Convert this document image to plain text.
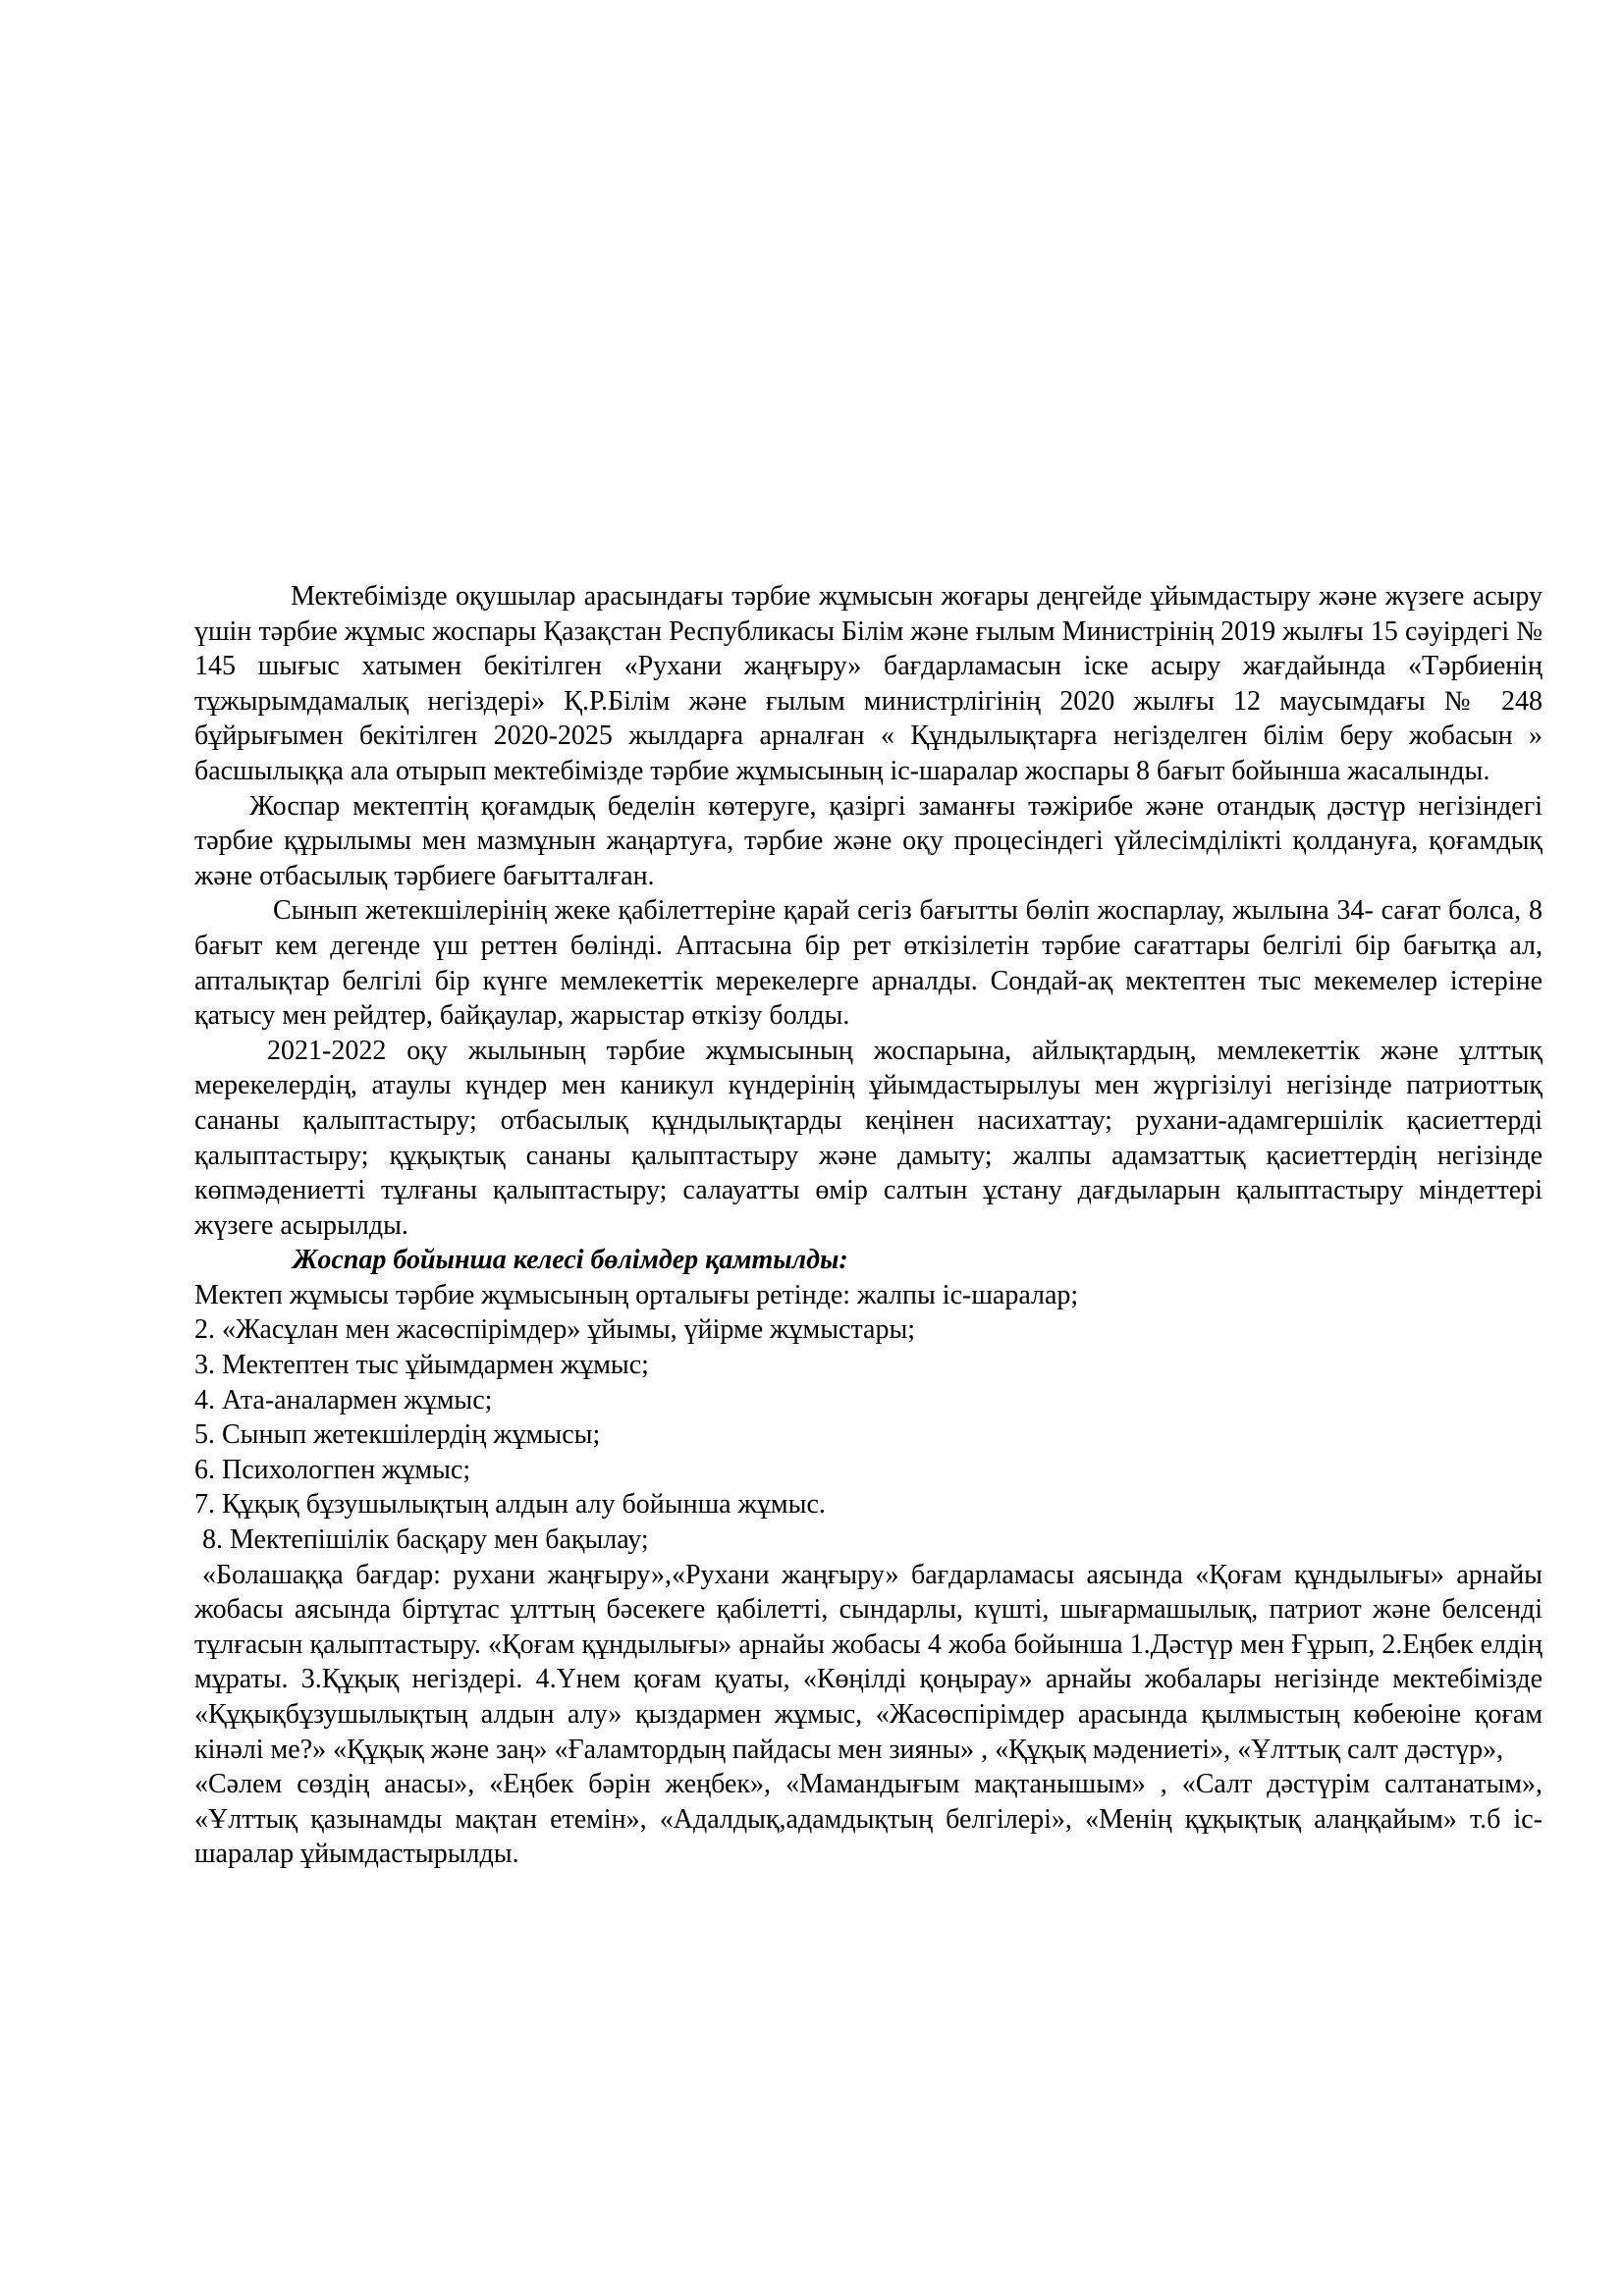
Мектебімізде оқушылар арасындағы тәрбие жұмысын жоғары деңгейде ұйымдастыру және жүзеге асыру үшін тәрбие жұмыс жоспары Қазақстан Республикасы Білім және ғылым Министрінің 2019 жылғы 15 сәуірдегі № 145 шығыс хатымен бекітілген «Рухани жаңғыру» бағдарламасын іске асыру жағдайында «Тәрбиенің тұжырымдамалық негіздері» Қ.Р.Білім және ғылым министрлігінің 2020 жылғы 12 маусымдағы № 248 бұйрығымен бекітілген 2020-2025 жылдарға арналған « Құндылықтарға негізделген білім беру жобасын » басшылыққа ала отырып мектебімізде тәрбие жұмысының іс-шаралар жоспары 8 бағыт бойынша жасалынды.

Жоспар мектептің қоғамдық беделін көтеруге, қазіргі заманғы тәжірибе және отандық дәстүр негізіндегі тәрбие құрылымы мен мазмұнын жаңартуға, тәрбие және оқу процесіндегі үйлесімділікті қолдануға, қоғамдық және отбасылық тәрбиеге бағытталған.

Сынып жетекшілерінің жеке қабілеттеріне қарай сегіз бағытты бөліп жоспарлау, жылына 34- сағат болса, 8 бағыт кем дегенде үш реттен бөлінді. Аптасына бір рет өткізілетін тәрбие сағаттары белгілі бір бағытқа ал, апталықтар белгілі бір күнге мемлекеттік мерекелерге арналды. Сондай-ақ мектептен тыс мекемелер істеріне қатысу мен рейдтер, байқаулар, жарыстар өткізу болды.

2021-2022 оқу жылының тәрбие жұмысының жоспарына, айлықтардың, мемлекеттік және ұлттық мерекелердің, атаулы күндер мен каникул күндерінің ұйымдастырылуы мен жүргізілуі негізінде патриоттық сананы қалыптастыру; отбасылық құндылықтарды кеңінен насихаттау; рухани-адамгершілік қасиеттерді қалыптастыру; құқықтық сананы қалыптастыру және дамыту; жалпы адамзаттық қасиеттердің негізінде көпмәдениетті тұлғаны қалыптастыру; салауатты өмір салтын ұстану дағдыларын қалыптастыру міндеттері жүзеге асырылды.

Жоспар бойынша келесі бөлімдер қамтылды:

Мектеп жұмысы тәрбие жұмысының орталығы ретінде: жалпы іс-шаралар;

2. «Жасұлан мен жасөспірімдер» ұйымы, үйірме жұмыстары;

3. Мектептен тыс ұйымдармен жұмыс;

4. Ата-аналармен жұмыс;

5. Сынып жетекшілердің жұмысы;

6. Психологпен жұмыс;

7. Құқық бұзушылықтың алдын алу бойынша жұмыс.

8. Мектепішілік басқару мен бақылау;

«Болашаққа бағдар: рухани жаңғыру»,«Рухани жаңғыру» бағдарламасы аясында «Қоғам құндылығы» арнайы жобасы аясында біртұтас ұлттың бәсекеге қабілетті, сындарлы, күшті, шығармашылық, патриот және белсенді тұлғасын қалыптастыру. «Қоғам құндылығы» арнайы жобасы 4 жоба бойынша 1.Дәстүр мен Ғұрып, 2.Еңбек елдің мұраты. 3.Құқық негіздері. 4.Үнем қоғам қуаты, «Көңілді қоңырау» арнайы жобалары негізінде мектебімізде «Құқықбұзушылықтың алдын алу» қыздармен жұмыс, «Жасөспірімдер арасында қылмыстың көбеюіне қоғам кінәлі ме?» «Құқық және заң» «Ғаламтордың пайдасы мен зияны» , «Құқық мәдениеті», «Ұлттық салт дәстүр»,

«Сәлем сөздің анасы», «Еңбек бәрін жеңбек», «Мамандығым мақтанышым» , «Салт дәстүрім салтанатым», «Ұлттық қазынамды мақтан етемін», «Адалдық,адамдықтың белгілері», «Менің құқықтық алаңқайым» т.б іс-шаралар ұйымдастырылды.
